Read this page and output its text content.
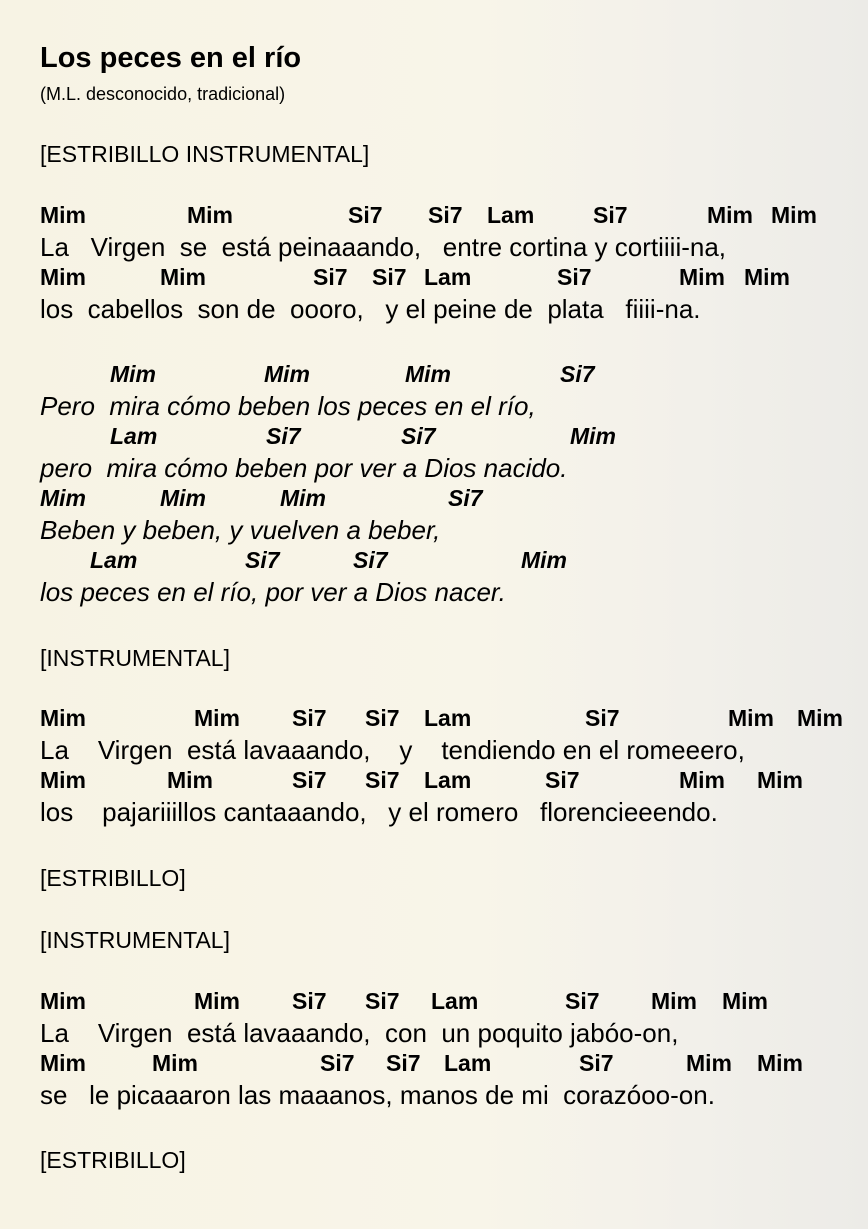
Los peces en el río
(M.L. desconocido, tradicional)
[ESTRIBILLO INSTRUMENTAL]
Mim	Mim	Si7 Si7 Lam	Si7	Mim Mim
La   Virgen  se  está peinaaando,   entre cortina y cortiiii-na,
Mim	Mim	Si7 Si7 Lam	Si7	Mim Mim
los  cabellos  son de  oooro,   y el peine de  plata   fiiii-na.
Mim	Mim	Mim	Si7
Pero  mira cómo beben los peces en el río,
Lam	Si7	Si7	Mim
pero  mira cómo beben por ver a Dios nacido.
Mim	Mim	Mim	Si7
Beben y beben, y vuelven a beber,
Lam	Si7	Si7	Mim
los peces en el río, por ver a Dios nacer.
[INSTRUMENTAL]
Mim	Mim Si7 Si7 Lam	Si7	Mim Mim
La    Virgen  está lavaaando,    y    tendiendo en el romeeero,
Mim	Mim	Si7 Si7 Lam	Si7	Mim Mim
los    pajariiillos cantaaando,   y el romero   florencieeendo.
[ESTRIBILLO]
[INSTRUMENTAL]
Mim	Mim Si7 Si7 Lam	Si7 Mim Mim
La    Virgen  está lavaaando,  con  un poquito jabóo-on,
Mim	Mim	Si7 Si7 Lam	Si7	Mim Mim
se   le picaaaron las maaanos, manos de mi  corazóoo-on.
[ESTRIBILLO]
